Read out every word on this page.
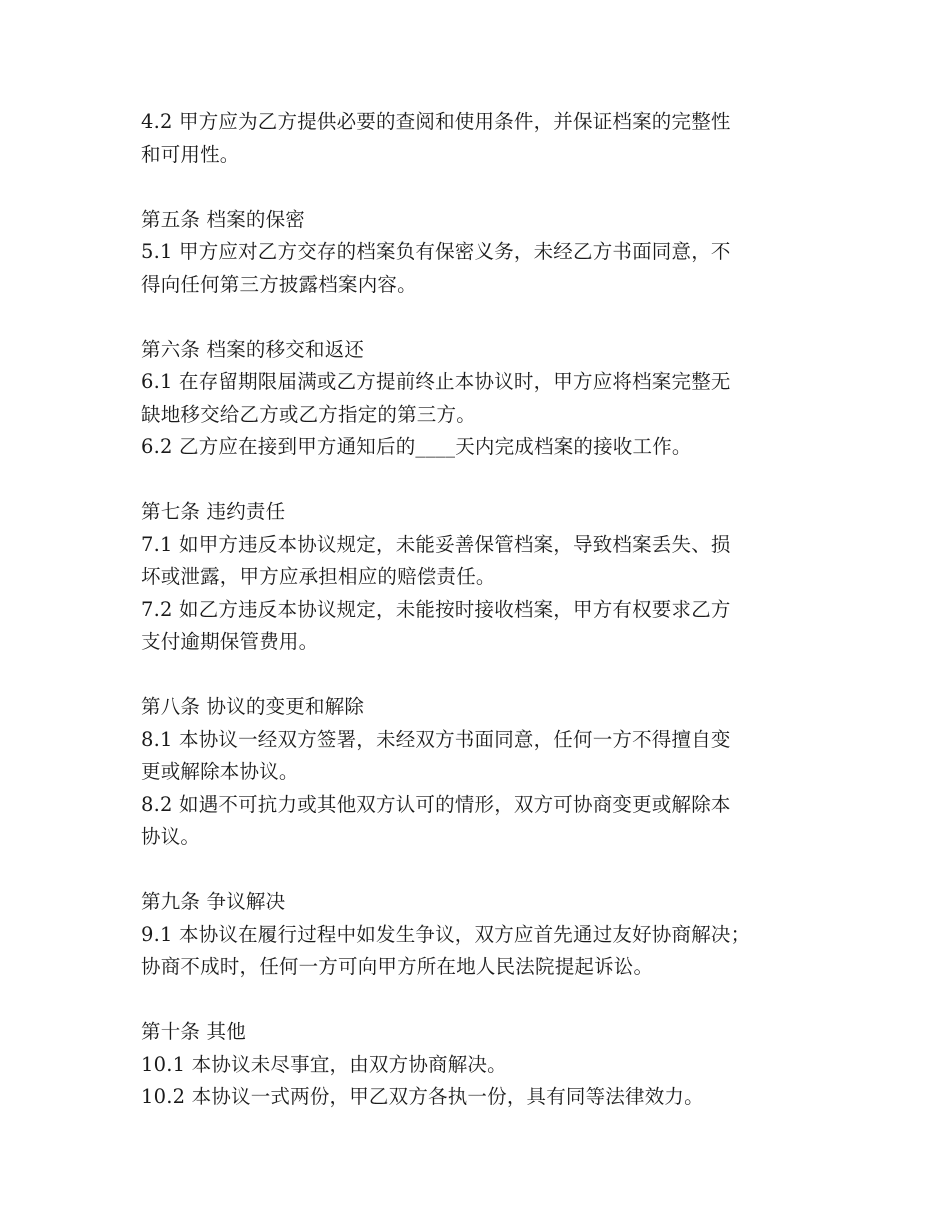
4.2 甲方应为乙方提供必要的查阅和使用条件，并保证档案的完整性
和可用性。
第五条 档案的保密
5.1 甲方应对乙方交存的档案负有保密义务，未经乙方书面同意，不
得向任何第三方披露档案内容。
第六条 档案的移交和返还
6.1 在存留期限届满或乙方提前终止本协议时，甲方应将档案完整无
缺地移交给乙方或乙方指定的第三方。
6.2 乙方应在接到甲方通知后的____天内完成档案的接收工作。
第七条 违约责任
7.1 如甲方违反本协议规定，未能妥善保管档案，导致档案丢失、损
坏或泄露，甲方应承担相应的赔偿责任。
7.2 如乙方违反本协议规定，未能按时接收档案，甲方有权要求乙方
支付逾期保管费用。
第八条 协议的变更和解除
8.1 本协议一经双方签署，未经双方书面同意，任何一方不得擅自变
更或解除本协议。
8.2 如遇不可抗力或其他双方认可的情形，双方可协商变更或解除本
协议。
第九条 争议解决
9.1 本协议在履行过程中如发生争议，双方应首先通过友好协商解决；
协商不成时，任何一方可向甲方所在地人民法院提起诉讼。
第十条 其他
10.1 本协议未尽事宜，由双方协商解决。
10.2 本协议一式两份，甲乙双方各执一份，具有同等法律效力。
